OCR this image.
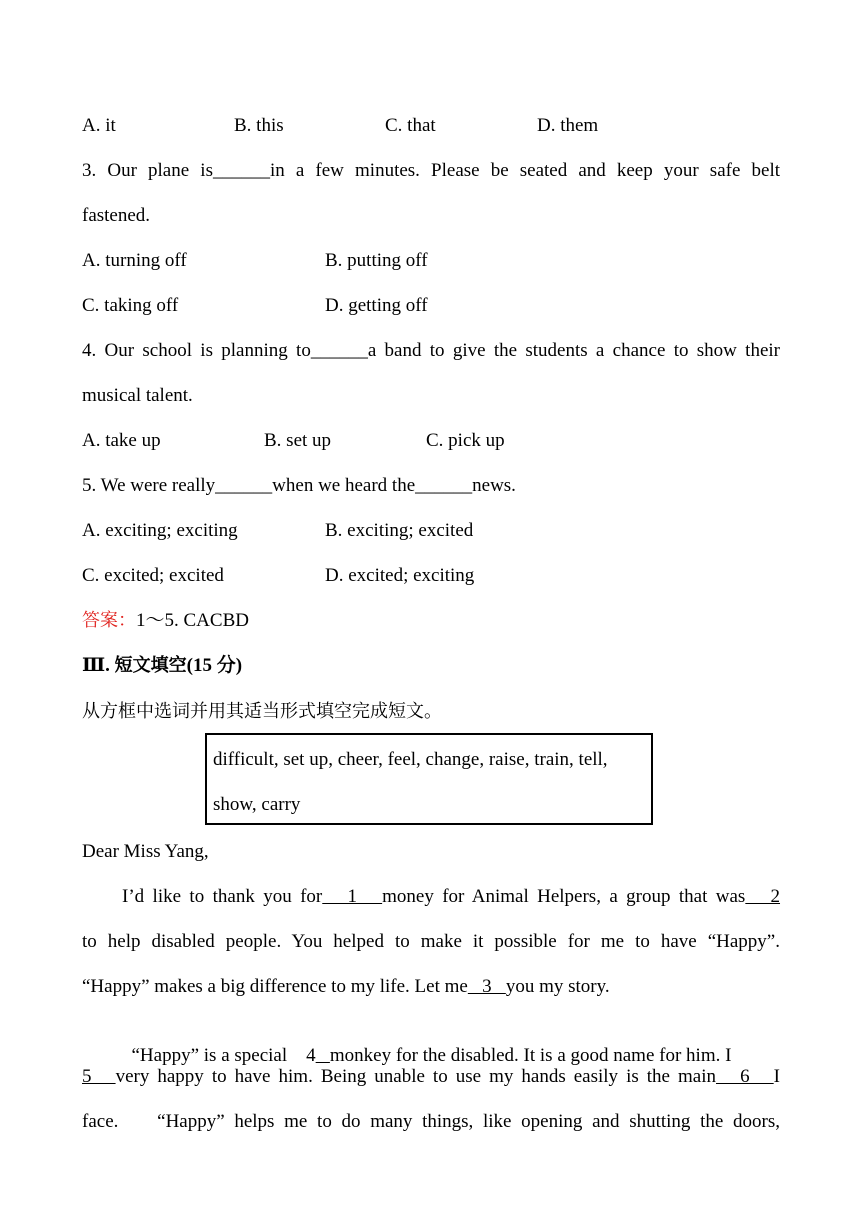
A. it	B. this	C. that	D. them
3. Our plane is______in a few minutes. Please be seated and keep your safe belt
fastened.
A. turning off	B. putting off
C. taking off	D. getting off
4. Our school is planning to______a band to give the students a chance to show their
musical talent.
A. take up	B. set up	C. pick up
5. We were really______when we heard the______news.
A. exciting; exciting	B. exciting; excited
C. excited; excited	D. excited; exciting
答案：1～5. CACBD
Ⅲ. 短文填空(15 分)
从方框中选词并用其适当形式填空完成短文。
difficult, set up, cheer, feel, change, raise, train, tell,
show, carry
Dear Miss Yang,
I’d like to thank you for   1   money for Animal Helpers, a group that was   2
to help disabled people. You helped to make it possible for me to have “Happy”.
“Happy” makes a big difference to my life. Let me   3   you my story.

“Happy” is a special    4 monkey for the disabled. It is a good name for him. I

5   very happy to have him. Being unable to use my hands easily is the main   6   I
face.    “Happy” helps me to do many things, like opening and shutting the doors,
